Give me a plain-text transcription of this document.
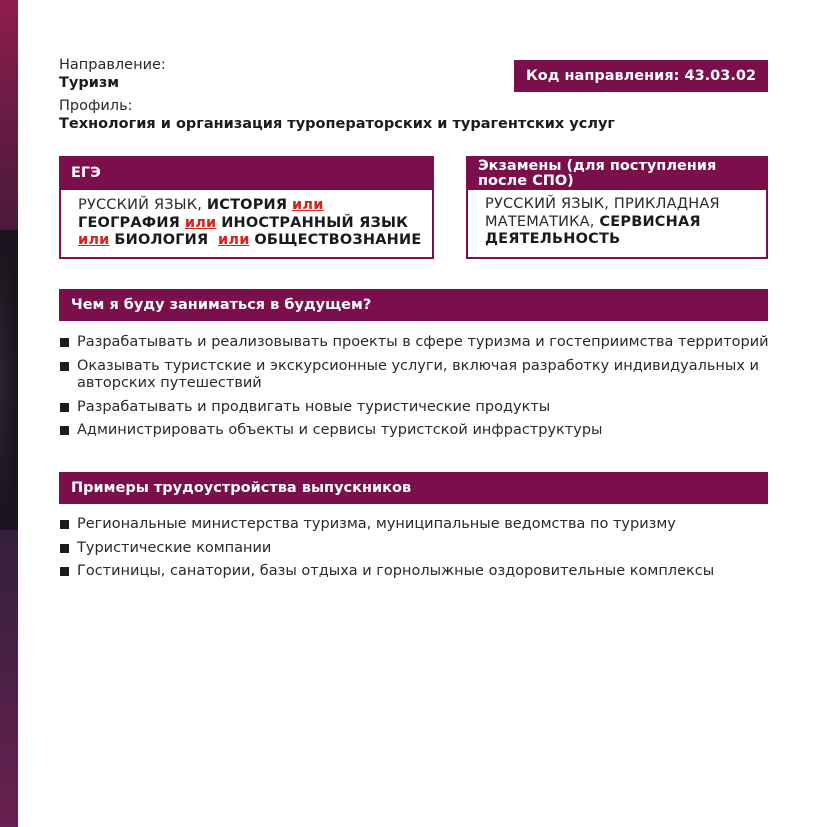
Направление:
Туризм
Профиль:
Технология и организация туроператорских и турагентских услуг
Код направления: 43.03.02
ЕГЭ
РУССКИЙ ЯЗЫК, ИСТОРИЯ или
ГЕОГРАФИЯ или ИНОСТРАННЫЙ ЯЗЫК
или БИОЛОГИЯ или ОБЩЕСТВОЗНАНИЕ
Экзамены (для поступления после СПО)
РУССКИЙ ЯЗЫК, ПРИКЛАДНАЯ МАТЕМАТИКА, СЕРВИСНАЯ ДЕЯТЕЛЬНОСТЬ
Чем я буду заниматься в будущем?
Разрабатывать и реализовывать проекты в сфере туризма и гостеприимства территорий
Оказывать туристские и экскурсионные услуги, включая разработку индивидуальных и авторских путешествий
Разрабатывать и продвигать новые туристические продукты
Администрировать объекты и сервисы туристской инфраструктуры
Примеры трудоустройства выпускников
Региональные министерства туризма, муниципальные ведомства по туризму
Туристические компании
Гостиницы, санатории, базы отдыха и горнолыжные оздоровительные комплексы
